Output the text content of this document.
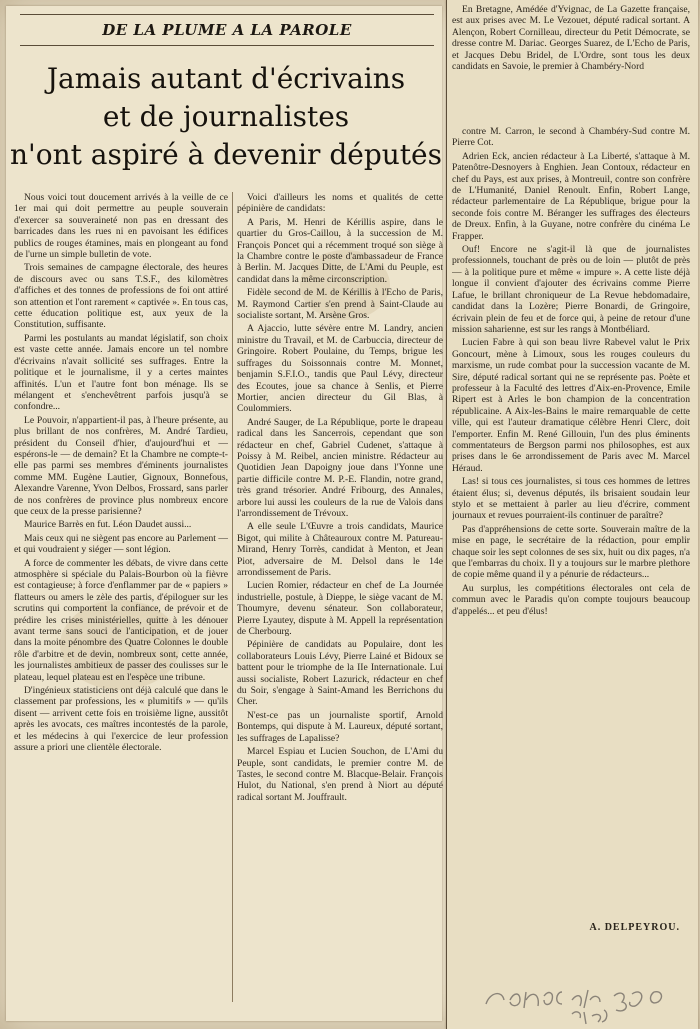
DE LA PLUME A LA PAROLE
Jamais autant d'écrivains
et de journalistes
n'ont aspiré à devenir députés

Nous voici tout doucement arrivés à la veille de ce 1er mai qui doit permettre au peuple souverain d'exercer sa souveraineté non pas en dressant des barricades dans les rues ni en pavoisant les édifices publics de rouges étamines, mais en plongeant au fond de l'urne un simple bulletin de vote.

Trois semaines de campagne électorale, des heures de discours avec ou sans T.S.F., des kilomètres d'affiches et des tonnes de professions de foi ont attiré son attention et l'ont rarement « captivée ». En tous cas, cette éducation politique est, aux yeux de la Constitution, suffisante.

Parmi les postulants au mandat législatif, son choix est vaste cette année. Jamais encore un tel nombre d'écrivains n'avait sollicité ses suffrages. Entre la politique et le journalisme, il y a certes maintes affinités. L'un et l'autre font bon ménage. Ils se mélangent et s'enchevêtrent parfois jusqu'à se confondre...

Le Pouvoir, n'appartient-il pas, à l'heure présente, au plus brillant de nos confrères, M. André Tardieu, président du Conseil d'hier, d'aujourd'hui et — espérons-le — de demain? Et la Chambre ne compte-t-elle pas parmi ses membres d'éminents journalistes comme MM. Eugène Lautier, Gignoux, Bonnefous, Alexandre Varenne, Yvon Delbos, Frossard, sans parler de nos confrères de province plus nombreux encore que ceux de la presse parisienne?

Maurice Barrès en fut. Léon Daudet aussi...

Mais ceux qui ne siègent pas encore au Parlement — et qui voudraient y siéger — sont légion.

A force de commenter les débats, de vivre dans cette atmosphère si spéciale du Palais-Bourbon où la fièvre est contagieuse; à force d'enflammer par de « papiers » flatteurs ou amers le zèle des partis, d'épiloguer sur les scrutins qui comportent la confiance, de prévoir et de prédire les crises ministérielles, quitte à les dénouer avant terme sans souci de l'anticipation, et de jouer dans la moite pénombre des Quatre Colonnes le double rôle d'arbitre et de devin, nombreux sont, cette année, les journalistes ambitieux de passer des coulisses sur le plateau, lequel plateau est en l'espèce une tribune.

D'ingénieux statisticiens ont déjà calculé que dans le classement par professions, les « plumitifs » — qu'ils disent — arrivent cette fois en troisième ligne, aussitôt après les avocats, ces maîtres incontestés de la parole, et les médecins à qui l'exercice de leur profession assure a priori une clientèle électorale.

Voici d'ailleurs les noms et qualités de cette pépinière de candidats:

A Paris, M. Henri de Kérillis aspire, dans le quartier du Gros-Caillou, à la succession de M. François Poncet qui a récemment troqué son siège à la Chambre contre le poste d'ambassadeur de France à Berlin. M. Jacques Ditte, de L'Ami du Peuple, est candidat dans la même circonscription.

Fidèle second de M. de Kérillis à l'Echo de Paris, M. Raymond Cartier s'en prend à Saint-Claude au socialiste sortant, M. Arsène Gros.

A Ajaccio, lutte sévère entre M. Landry, ancien ministre du Travail, et M. de Carbuccia, directeur de Gringoire. Robert Poulaine, du Temps, brigue les suffrages du Soissonnais contre M. Monnet, benjamin S.F.I.O., tandis que Paul Lévy, directeur des Ecoutes, joue sa chance à Senlis, et Pierre Mortier, ancien directeur du Gil Blas, à Coulommiers.

André Sauger, de La République, porte le drapeau radical dans les Sancerrois, cependant que son rédacteur en chef, Gabriel Cudenet, s'attaque à Poissy à M. Reibel, ancien ministre. Rédacteur au Quotidien Jean Dapoigny joue dans l'Yonne une partie difficile contre M. P.-E. Flandin, notre grand, très grand trésorier. André Fribourg, des Annales, arbore lui aussi les couleurs de la rue de Valois dans l'arrondissement de Trévoux.

A elle seule L'Œuvre a trois candidats, Maurice Bigot, qui milite à Châteauroux contre M. Patureau-Mirand, Henry Torrès, candidat à Menton, et Jean Piot, adversaire de M. Delsol dans le 14e arrondissement de Paris.

Lucien Romier, rédacteur en chef de La Journée industrielle, postule, à Dieppe, le siège vacant de M. Thoumyre, devenu sénateur. Son collaborateur, Pierre Lyautey, dispute à M. Appell la représentation de Cherbourg.

Pépinière de candidats au Populaire, dont les collaborateurs Louis Lévy, Pierre Lainé et Bidoux se battent pour le triomphe de la IIe Internationale. Lui aussi socialiste, Robert Lazurick, rédacteur en chef du Soir, s'engage à Saint-Amand les Berrichons du Cher.

N'est-ce pas un journaliste sportif, Arnold Bontemps, qui dispute à M. Laureux, député sortant, les suffrages de Lapalisse?

Marcel Espiau et Lucien Souchon, de L'Ami du Peuple, sont candidats, le premier contre M. de Tastes, le second contre M. Blacque-Belair. François Hulot, du National, s'en prend à Niort au député radical sortant M. Jouffrault.

En Bretagne, Amédée d'Yvignac, de La Gazette française, est aux prises avec M. Le Vezouet, député radical sortant. A Alençon, Robert Cornilleau, directeur du Petit Démocrate, se dresse contre M. Dariac. Georges Suarez, de L'Echo de Paris, et Jacques Debu Bridel, de L'Ordre, sont tous les deux candidats en Savoie, le premier à Chambéry-Nord

contre M. Carron, le second à Chambéry-Sud contre M. Pierre Cot.

Adrien Eck, ancien rédacteur à La Liberté, s'attaque à M. Patenôtre-Desnoyers à Enghien. Jean Contoux, rédacteur en chef du Pays, est aux prises, à Montreuil, contre son confrère de L'Humanité, Daniel Renoult. Enfin, Robert Lange, rédacteur parlementaire de La République, brigue pour la seconde fois contre M. Béranger les suffrages des électeurs de Dreux. Enfin, à la Guyane, notre confrère du cinéma Le Frapper.

Ouf! Encore ne s'agit-il là que de journalistes professionnels, touchant de près ou de loin — plutôt de près — à la politique pure et même « impure ». A cette liste déjà longue il convient d'ajouter des écrivains comme Pierre Lafue, le brillant chroniqueur de La Revue hebdomadaire, candidat dans la Lozère; Pierre Bonardi, de Gringoire, écrivain plein de feu et de force qui, à peine de retour d'une mission saharienne, est sur les rangs à Montbéliard.

Lucien Fabre à qui son beau livre Rabevel valut le Prix Goncourt, mène à Limoux, sous les rouges couleurs du marxisme, un rude combat pour la succession vacante de M. Sire, député radical sortant qui ne se représente pas. Poète et professeur à la Faculté des lettres d'Aix-en-Provence, Emile Ripert est à Arles le bon champion de la concentration républicaine. A Aix-les-Bains le maire remarquable de cette ville, qui est l'auteur dramatique célèbre Henri Clerc, doit l'emporter. Enfin M. René Gillouin, l'un des plus éminents commentateurs de Bergson parmi nos philosophes, est aux prises dans le 6e arrondissement de Paris avec M. Marcel Héraud.

Las! si tous ces journalistes, si tous ces hommes de lettres étaient élus; si, devenus députés, ils brisaient soudain leur stylo et se mettaient à parler au lieu d'écrire, comment journaux et revues pourraient-ils continuer de paraître?

Pas d'appréhensions de cette sorte. Souverain maître de la mise en page, le secrétaire de la rédaction, pour emplir chaque soir les sept colonnes de ses six, huit ou dix pages, n'a que l'embarras du choix. Il y a toujours sur le marbre plethore de copie même quand il y a pénurie de rédacteurs...

Au surplus, les compétitions électorales ont cela de commun avec le Paradis qu'on compte toujours beaucoup d'appelés... et peu d'élus!

A. DELPEYROU.
